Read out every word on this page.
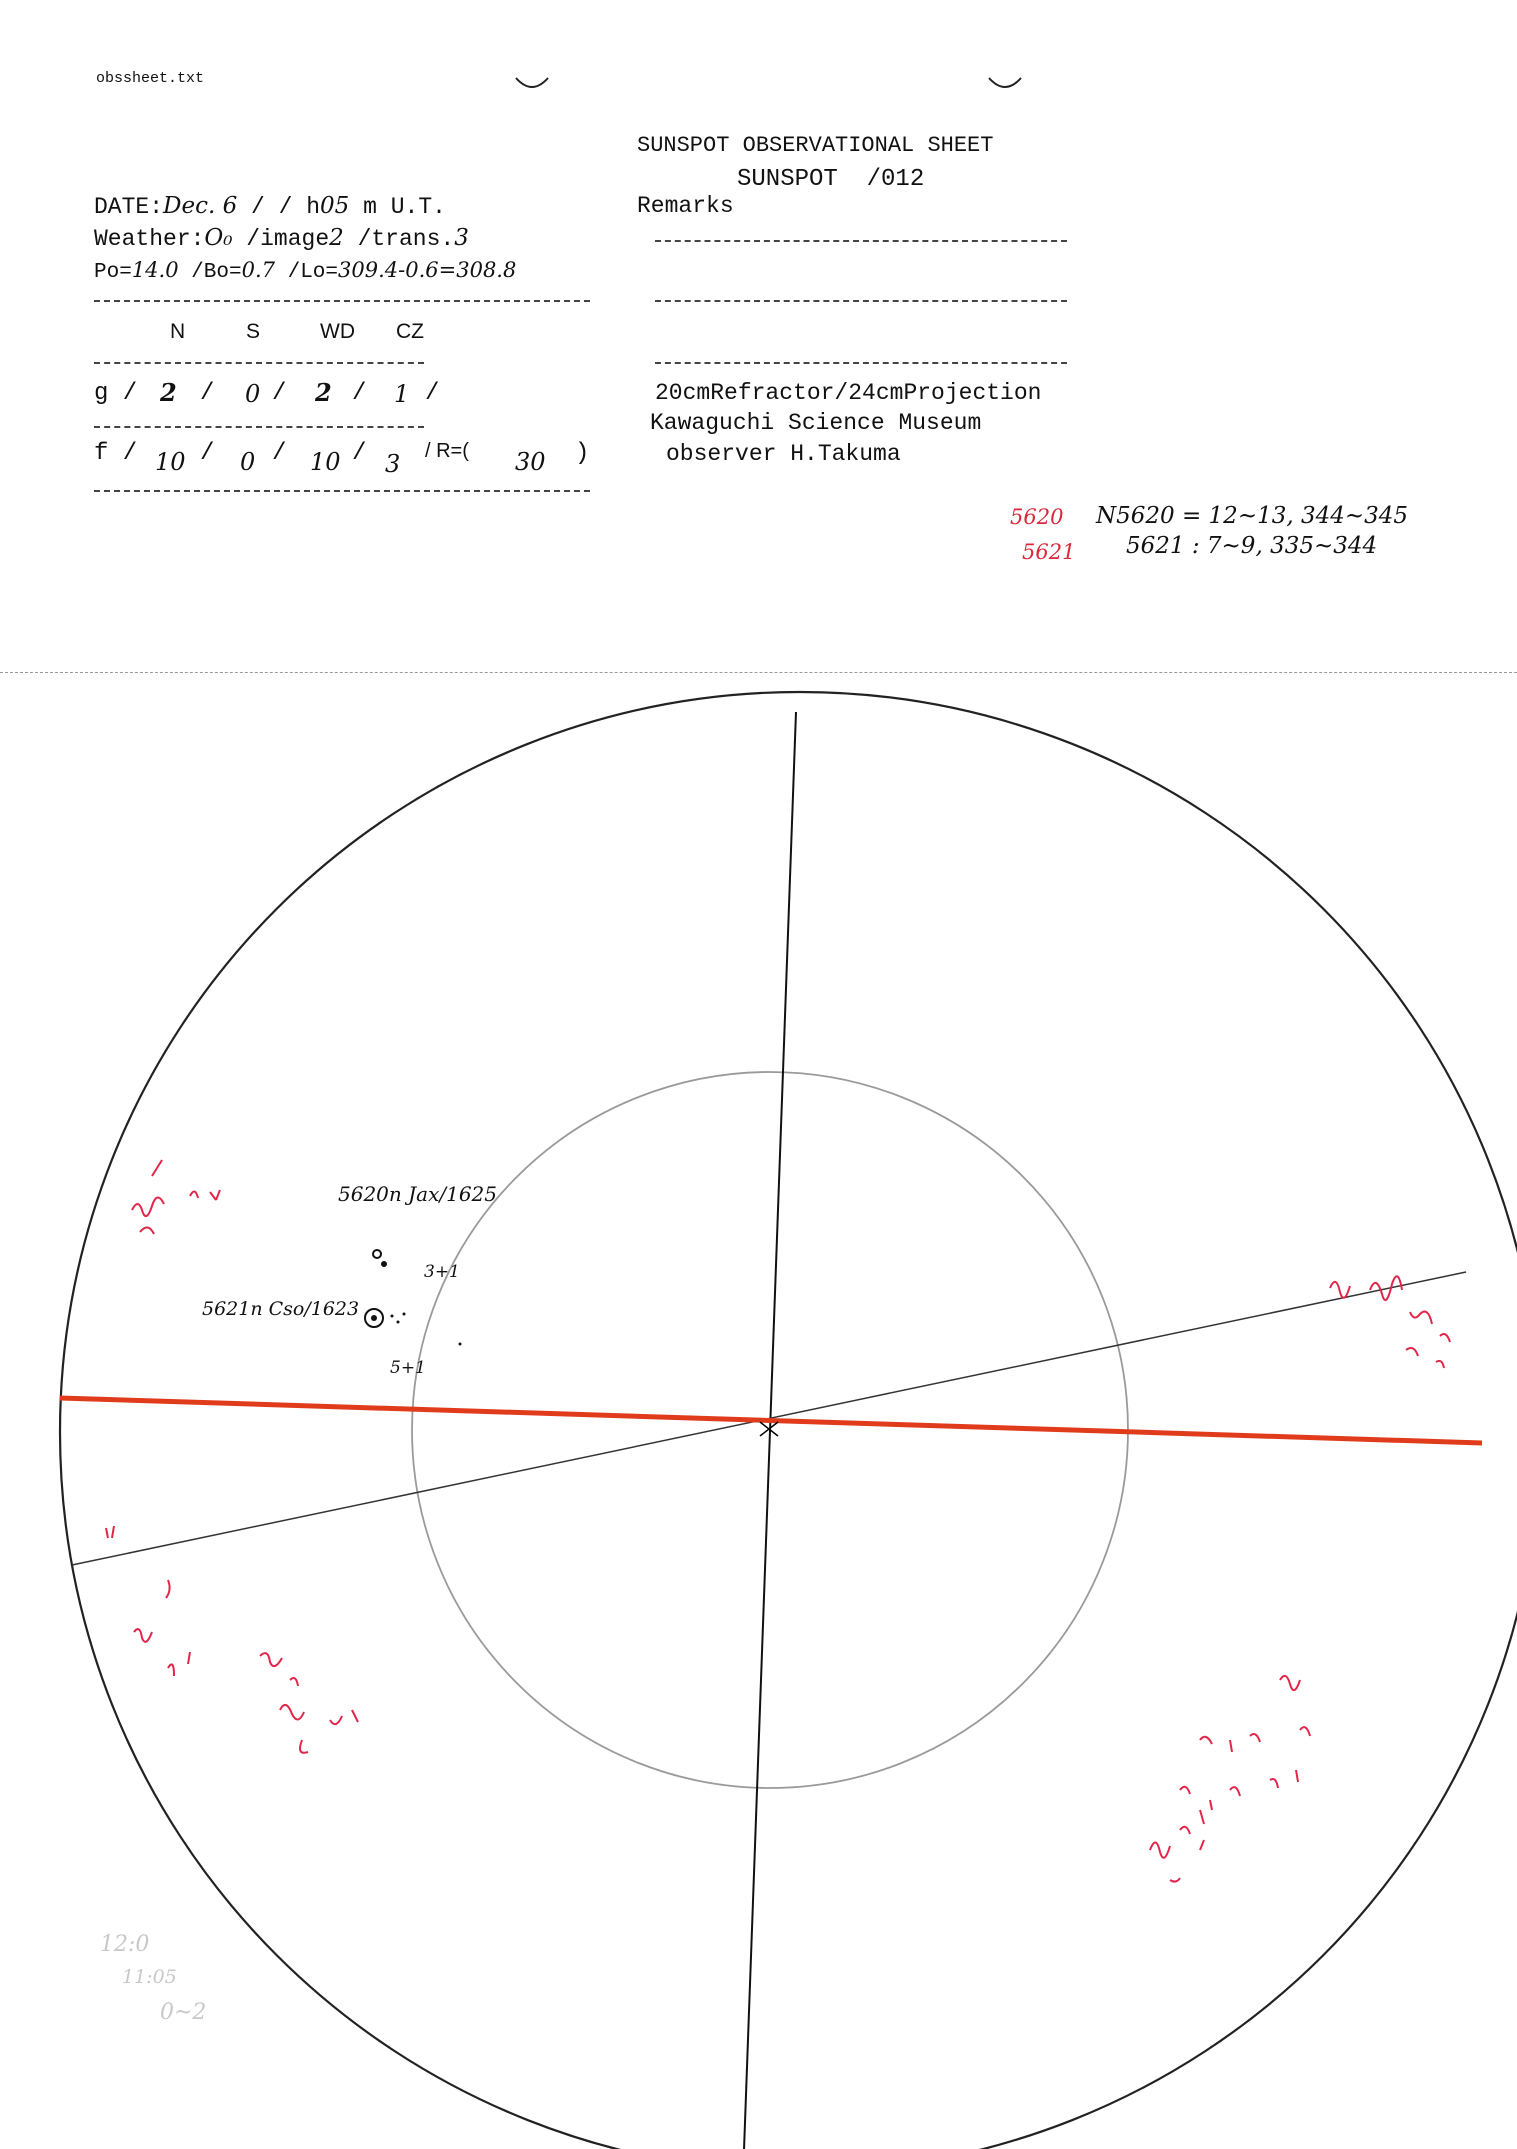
obssheet.txt
SUNSPOT OBSERVATIONAL SHEET
SUNSPOT  /012
DATE:Dec. 6 / / h05 m U.T.	Remarks
Weather:O₀ /image2 /trans.3
Po=14.0 /Bo=0.7 /Lo=309.4-0.6=308.8
N	S	WD CZ
g / 2 / 0 / 2 / 1 /	20cmRefractor/24cmProjection
Kawaguchi Science Museum
observer H.Takuma
f / 10 / 0 / 10 / 3 / R=( 30 )
5620 N5620 = 12~13, 344~345
5621 5621 : 7~9, 335~344
5620n Jax/1625
5621n Cso/1623
3+1
5+1
12:0
11:05
0~2
